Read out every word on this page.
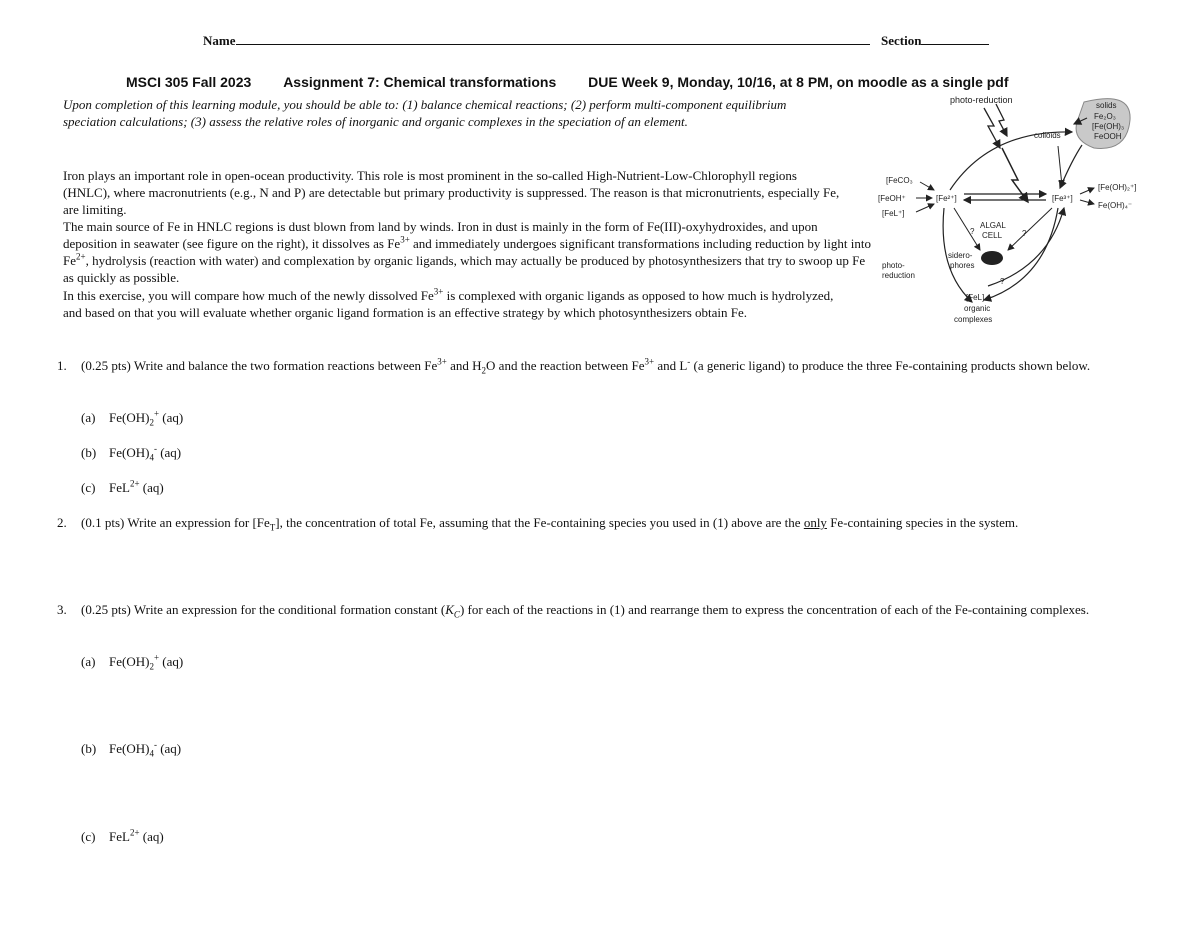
Name	Section
MSCI 305 Fall 2023 Assignment 7: Chemical transformations DUE Week 9, Monday, 10/16, at 8 PM, on moodle as a single pdf
Upon completion of this learning module, you should be able to: (1) balance chemical reactions; (2) perform multi-component equilibrium speciation calculations; (3) assess the relative roles of inorganic and organic complexes in the speciation of an element.
Iron plays an important role in open-ocean productivity. This role is most prominent in the so-called High-Nutrient-Low-Chlorophyll regions (HNLC), where macronutrients (e.g., N and P) are detectable but primary productivity is suppressed. The reason is that micronutrients, especially Fe, are limiting.
The main source of Fe in HNLC regions is dust blown from land by winds. Iron in dust is mainly in the form of Fe(III)-oxyhydroxides, and upon deposition in seawater (see figure on the right), it dissolves as $Fe^{3+}$ and immediately undergoes significant transformations including reduction by light into $Fe^{2+}$, hydrolysis (reaction with water) and complexation by organic ligands, which may actually be produced by photosynthesizers that try to swoop up Fe as quickly as possible.
In this exercise, you will compare how much of the newly dissolved $Fe^{3+}$ is complexed with organic ligands as opposed to how much is hydrolyzed, and based on that you will evaluate whether organic ligand formation is an effective strategy by which photosynthesizers obtain Fe.
photo-reduction
solids
Fe₂O₃
[Fe(OH)₃
FeOOH
colloids
[FeCO₃
[FeOH⁺
[FeL⁺]
[Fe²⁺]	[Fe³⁺]
[Fe(OH)₂⁺]
Fe(OH)₄⁻
ALGAL
CELL
?	?
?
sidero-
phores
photo-
reduction
[FeL]
organic
complexes
1. (0.25 pts) Write and balance the two formation reactions between $Fe^{3+}$ and $H_2O$ and the reaction between $Fe^{3+}$ and L- (a generic ligand) to produce the three Fe-containing products shown below.
(a) $Fe(OH)_2^+$ (aq)
(b) $Fe(OH)_4^-$ (aq)
(c) FeL$^{2+}$ (aq)
2. (0.1 pts) Write an expression for $[Fe_T]$, the concentration of total Fe, assuming that the Fe-containing species you used in (1) above are the only Fe-containing species in the system.
3. (0.25 pts) Write an expression for the conditional formation constant $(K_C)$ for each of the reactions in (1) and rearrange them to express the concentration of each of the Fe-containing complexes.
(a) $Fe(OH)_2^+$ (aq)
(b) $Fe(OH)_4^-$ (aq)
(c) FeL$^{2+}$ (aq)
